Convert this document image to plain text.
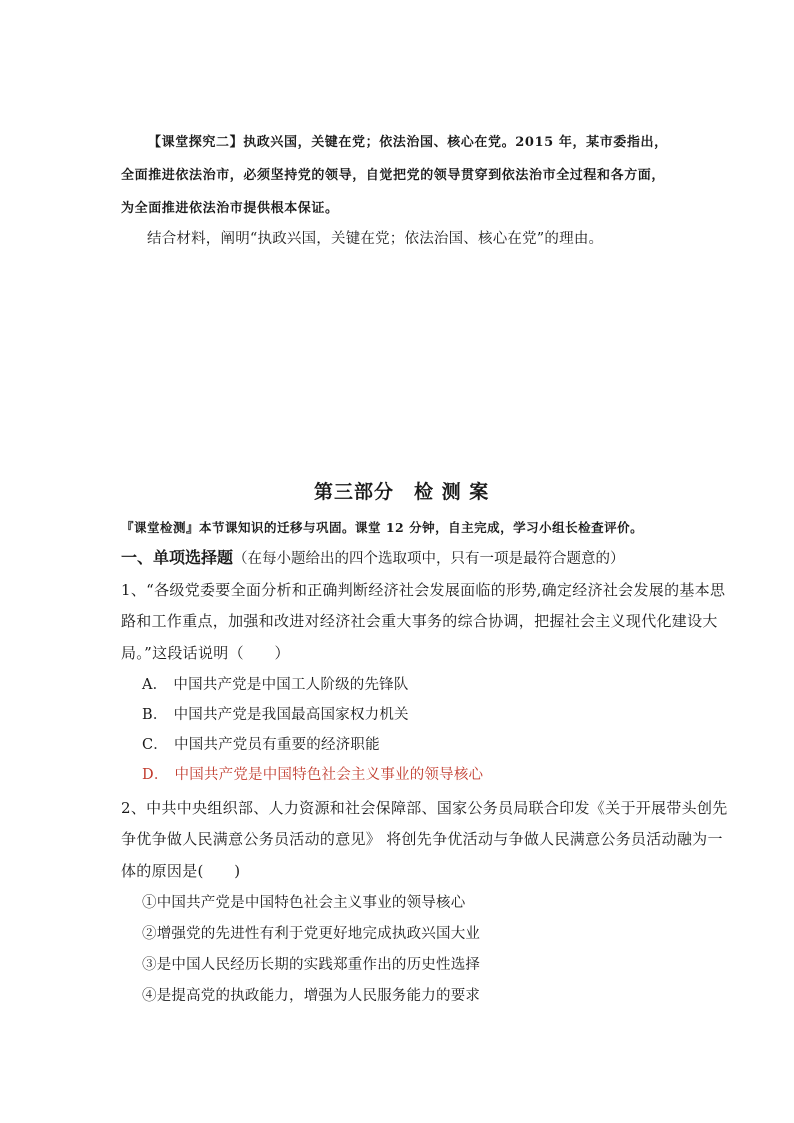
【课堂探究二】执政兴国，关键在党；依法治国、核心在党。2015 年，某市委指出，
全面推进依法治市，必须坚持党的领导，自觉把党的领导贯穿到依法治市全过程和各方面，
为全面推进依法治市提供根本保证。
结合材料，阐明“执政兴国，关键在党；依法治国、核心在党”的理由。
第三部分　检 测 案
『课堂检测』本节课知识的迁移与巩固。课堂 12 分钟，自主完成，学习小组长检查评价。
一、单项选择题（在每小题给出的四个选取项中，只有一项是最符合题意的）
1、“各级党委要全面分析和正确判断经济社会发展面临的形势,确定经济社会发展的基本思
路和工作重点，加强和改进对经济社会重大事务的综合协调，把握社会主义现代化建设大
局。”这段话说明（　　）
A． 中国共产党是中国工人阶级的先锋队
B． 中国共产党是我国最高国家权力机关
C． 中国共产党员有重要的经济职能
D． 中国共产党是中国特色社会主义事业的领导核心
2、中共中央组织部、人力资源和社会保障部、国家公务员局联合印发《关于开展带头创先
争优争做人民满意公务员活动的意见》 将创先争优活动与争做人民满意公务员活动融为一
体的原因是(　　)
①中国共产党是中国特色社会主义事业的领导核心
②增强党的先进性有利于党更好地完成执政兴国大业
③是中国人民经历长期的实践郑重作出的历史性选择
④是提高党的执政能力，增强为人民服务能力的要求
